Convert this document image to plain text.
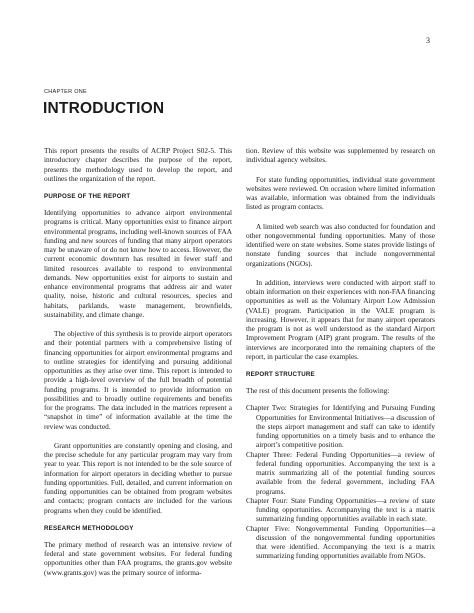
3
CHAPTER ONE
INTRODUCTION

This report presents the results of ACRP Project S02-5. This introductory chapter describes the purpose of the report, presents the methodology used to develop the report, and outlines the organization of the report.

PURPOSE OF THE REPORT

Identifying opportunities to advance airport environmental programs is critical. Many opportunities exist to finance airport environmental programs, including well-known sources of FAA funding and new sources of funding that many airport operators may be unaware of or do not know how to access. However, the current economic downturn has resulted in fewer staff and limited resources available to respond to environmental demands. New opportunities exist for airports to sustain and enhance environmental programs that address air and water quality, noise, historic and cultural resources, species and habitats, parklands, waste management, brownfields, sustainability, and climate change.

The objective of this synthesis is to provide airport operators and their potential partners with a comprehensive listing of financing opportunities for airport environmental programs and to outline strategies for identifying and pursuing additional opportunities as they arise over time. This report is intended to provide a high-level overview of the full breadth of potential funding programs. It is intended to provide information on possibilities and to broadly outline requirements and benefits for the programs. The data included in the matrices represent a “snapshot in time” of information available at the time the review was conducted.

Grant opportunities are constantly opening and closing, and the precise schedule for any particular program may vary from year to year. This report is not intended to be the sole source of information for airport operators in deciding whether to pursue funding opportunities. Full, detailed, and current information on funding opportunities can be obtained from program websites and contacts; program contacts are included for the various programs when they could be identified.

RESEARCH METHODOLOGY

The primary method of research was an intensive review of federal and state government websites. For federal funding opportunities other than FAA programs, the grants.gov website (www.grants.gov) was the primary source of informa-

tion. Review of this website was supplemented by research on individual agency websites.

For state funding opportunities, individual state government websites were reviewed. On occasion where limited information was available, information was obtained from the individuals listed as program contacts.

A limited web search was also conducted for foundation and other nongovernmental funding opportunities. Many of those identified were on state websites. Some states provide listings of nonstate funding sources that include nongovernmental organizations (NGOs).

In addition, interviews were conducted with airport staff to obtain information on their experiences with non-FAA financing opportunities as well as the Voluntary Airport Low Admission (VALE) program. Participation in the VALE program is increasing. However, it appears that for many airport operators the program is not as well understood as the standard Airport Improvement Program (AIP) grant program. The results of the interviews are incorporated into the remaining chapters of the report, in particular the case examples.

REPORT STRUCTURE

The rest of this document presents the following:

Chapter Two: Strategies for Identifying and Pursuing Funding Opportunities for Environmental Initiatives—a discussion of the steps airport management and staff can take to identify funding opportunities on a timely basis and to enhance the airport’s competitive position.

Chapter Three: Federal Funding Opportunities—a review of federal funding opportunities. Accompanying the text is a matrix summarizing all of the potential funding sources available from the federal government, including FAA programs.

Chapter Four: State Funding Opportunities—a review of state funding opportunities. Accompanying the text is a matrix summarizing funding opportunities available in each state.

Chapter Five: Nongovernmental Funding Opportunities—a discussion of the nongovernmental funding opportunities that were identified. Accompanying the text is a matrix summarizing funding opportunities available from NGOs.
